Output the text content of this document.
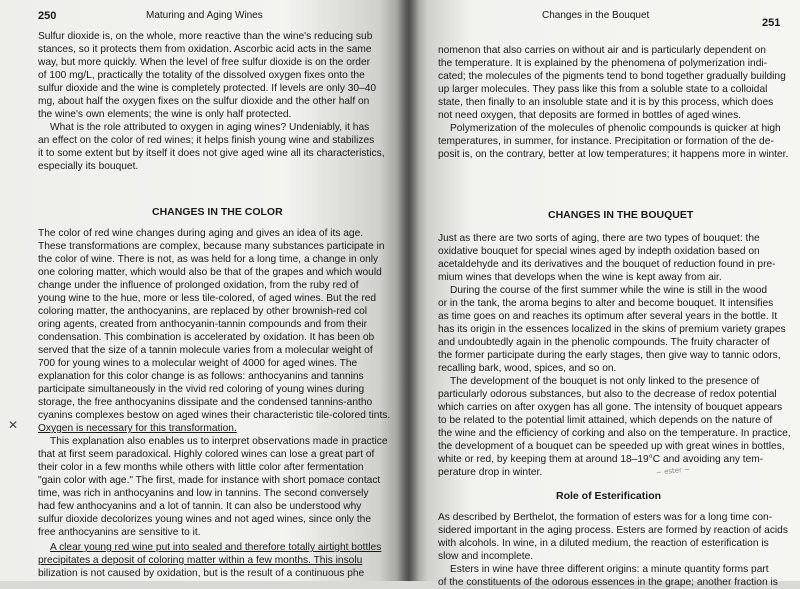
250	Maturing and Aging Wines
Sulfur dioxide is, on the whole, more reactive than the wine's reducing sub
stances, so it protects them from oxidation. Ascorbic acid acts in the same
way, but more quickly. When the level of free sulfur dioxide is on the order
of 100 mg/L, practically the totality of the dissolved oxygen fixes onto the
sulfur dioxide and the wine is completely protected. If levels are only 30–40
mg, about half the oxygen fixes on the sulfur dioxide and the other half on
the wine's own elements; the wine is only half protected.
What is the role attributed to oxygen in aging wines? Undeniably, it has
an effect on the color of red wines; it helps finish young wine and stabilizes
it to some extent but by itself it does not give aged wine all its characteristics,
especially its bouquet.
CHANGES IN THE COLOR
The color of red wine changes during aging and gives an idea of its age.
These transformations are complex, because many substances participate in
the color of wine. There is not, as was held for a long time, a change in only
one coloring matter, which would also be that of the grapes and which would
change under the influence of prolonged oxidation, from the ruby red of
young wine to the hue, more or less tile-colored, of aged wines. But the red
coloring matter, the anthocyanins, are replaced by other brownish-red col
oring agents, created from anthocyanin-tannin compounds and from their
condensation. This combination is accelerated by oxidation. It has been ob
served that the size of a tannin molecule varies from a molecular weight of
700 for young wines to a molecular weight of 4000 for aged wines. The
explanation for this color change is as follows: anthocyanins and tannins
participate simultaneously in the vivid red coloring of young wines during
storage, the free anthocyanins dissipate and the condensed tannins-antho
cyanins complexes bestow on aged wines their characteristic tile-colored tints.
Oxygen is necessary for this transformation.
This explanation also enables us to interpret observations made in practice
that at first seem paradoxical. Highly colored wines can lose a great part of
their color in a few months while others with little color after fermentation
"gain color with age." The first, made for instance with short pomace contact
time, was rich in anthocyanins and low in tannins. The second conversely
had few anthocyanins and a lot of tannin. It can also be understood why
sulfur dioxide decolorizes young wines and not aged wines, since only the
free anthocyanins are sensitive to it.
A clear young red wine put into sealed and therefore totally airtight bottles
precipitates a deposit of coloring matter within a few months. This insolu
bilization is not caused by oxidation, but is the result of a continuous phe
✕
Changes in the Bouquet
251
nomenon that also carries on without air and is particularly dependent on
the temperature. It is explained by the phenomena of polymerization indi-
cated; the molecules of the pigments tend to bond together gradually building
up larger molecules. They pass like this from a soluble state to a colloidal
state, then finally to an insoluble state and it is by this process, which does
not need oxygen, that deposits are formed in bottles of aged wines.
Polymerization of the molecules of phenolic compounds is quicker at high
temperatures, in summer, for instance. Precipitation or formation of the de-
posit is, on the contrary, better at low temperatures; it happens more in winter.
CHANGES IN THE BOUQUET
Just as there are two sorts of aging, there are two types of bouquet: the
oxidative bouquet for special wines aged by indepth oxidation based on
acetaldehyde and its derivatives and the bouquet of reduction found in pre-
mium wines that develops when the wine is kept away from air.
During the course of the first summer while the wine is still in the wood
or in the tank, the aroma begins to alter and become bouquet. It intensifies
as time goes on and reaches its optimum after several years in the bottle. It
has its origin in the essences localized in the skins of premium variety grapes
and undoubtedly again in the phenolic compounds. The fruity character of
the former participate during the early stages, then give way to tannic odors,
recalling bark, wood, spices, and so on.
The development of the bouquet is not only linked to the presence of
particularly odorous substances, but also to the decrease of redox potential
which carries on after oxygen has all gone. The intensity of bouquet appears
to be related to the potential limit attained, which depends on the nature of
the wine and the efficiency of corking and also on the temperature. In practice,
the development of a bouquet can be speeded up with great wines in bottles,
white or red, by keeping them at around 18–19°C and avoiding any tem-
perature drop in winter.	~ ester ~
Role of Esterification
As described by Berthelot, the formation of esters was for a long time con-
sidered important in the aging process. Esters are formed by reaction of acids
with alcohols. In wine, in a diluted medium, the reaction of esterification is
slow and incomplete.
Esters in wine have three different origins: a minute quantity forms part
of the constituents of the odorous essences in the grape; another fraction is
